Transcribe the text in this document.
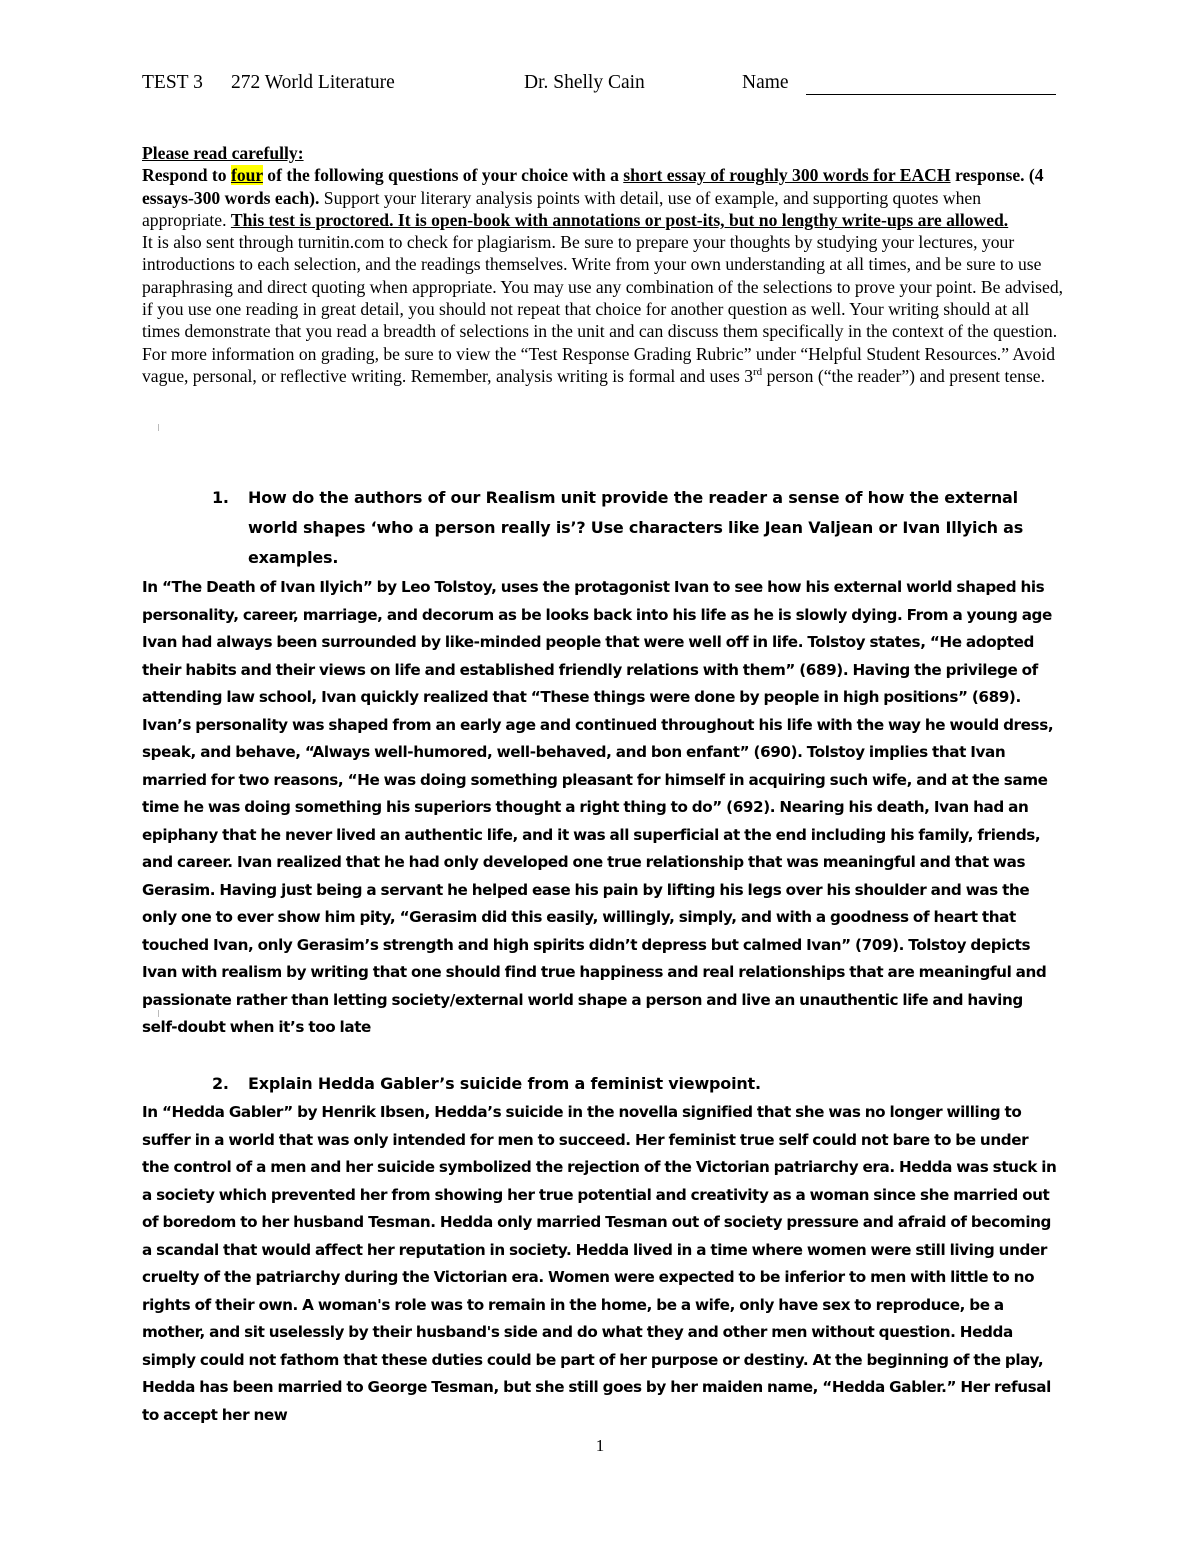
TEST 3 272 World Literature	Dr. Shelly Cain	Name

Please read carefully:

Respond to four of the following questions of your choice with a short essay of roughly 300 words for EACH response. (4 essays-300 words each). Support your literary analysis points with detail, use of example, and supporting quotes when appropriate. This test is proctored. It is open-book with annotations or post-its, but no lengthy write-ups are allowed.

It is also sent through turnitin.com to check for plagiarism. Be sure to prepare your thoughts by studying your lectures, your introductions to each selection, and the readings themselves. Write from your own understanding at all times, and be sure to use paraphrasing and direct quoting when appropriate. You may use any combination of the selections to prove your point. Be advised, if you use one reading in great detail, you should not repeat that choice for another question as well. Your writing should at all times demonstrate that you read a breadth of selections in the unit and can discuss them specifically in the context of the question. For more information on grading, be sure to view the “Test Response Grading Rubric” under “Helpful Student Resources.” Avoid vague, personal, or reflective writing. Remember, analysis writing is formal and uses 3rd person (“the reader”) and present tense.

1.	How do the authors of our Realism unit provide the reader a sense of how the external world shapes ‘who a person really is’? Use characters like Jean Valjean or Ivan Illyich as examples.
In “The Death of Ivan Ilyich” by Leo Tolstoy, uses the protagonist Ivan to see how his external world shaped his personality, career, marriage, and decorum as be looks back into his life as he is slowly dying. From a young age Ivan had always been surrounded by like-minded people that were well off in life. Tolstoy states, “He adopted their habits and their views on life and established friendly relations with them” (689). Having the privilege of attending law school, Ivan quickly realized that “These things were done by people in high positions” (689). Ivan’s personality was shaped from an early age and continued throughout his life with the way he would dress, speak, and behave, “Always well-humored, well-behaved, and bon enfant” (690). Tolstoy implies that Ivan married for two reasons, “He was doing something pleasant for himself in acquiring such wife, and at the same time he was doing something his superiors thought a right thing to do” (692). Nearing his death, Ivan had an epiphany that he never lived an authentic life, and it was all superficial at the end including his family, friends, and career. Ivan realized that he had only developed one true relationship that was meaningful and that was Gerasim. Having just being a servant he helped ease his pain by lifting his legs over his shoulder and was the only one to ever show him pity, “Gerasim did this easily, willingly, simply, and with a goodness of heart that touched Ivan, only Gerasim’s strength and high spirits didn’t depress but calmed Ivan” (709). Tolstoy depicts Ivan with realism by writing that one should find true happiness and real relationships that are meaningful and passionate rather than letting society/external world shape a person and live an unauthentic life and having self-doubt when it’s too late
2.	Explain Hedda Gabler’s suicide from a feminist viewpoint.
In “Hedda Gabler” by Henrik Ibsen, Hedda’s suicide in the novella signified that she was no longer willing to suffer in a world that was only intended for men to succeed. Her feminist true self could not bare to be under the control of a men and her suicide symbolized the rejection of the Victorian patriarchy era. Hedda was stuck in a society which prevented her from showing her true potential and creativity as a woman since she married out of boredom to her husband Tesman. Hedda only married Tesman out of society pressure and afraid of becoming a scandal that would affect her reputation in society. Hedda lived in a time where women were still living under cruelty of the patriarchy during the Victorian era. Women were expected to be inferior to men with little to no rights of their own. A woman's role was to remain in the home, be a wife, only have sex to reproduce, be a mother, and sit uselessly by their husband's side and do what they and other men without question. Hedda simply could not fathom that these duties could be part of her purpose or destiny. At the beginning of the play, Hedda has been married to George Tesman, but she still goes by her maiden name, “Hedda Gabler.” Her refusal to accept her new
1
